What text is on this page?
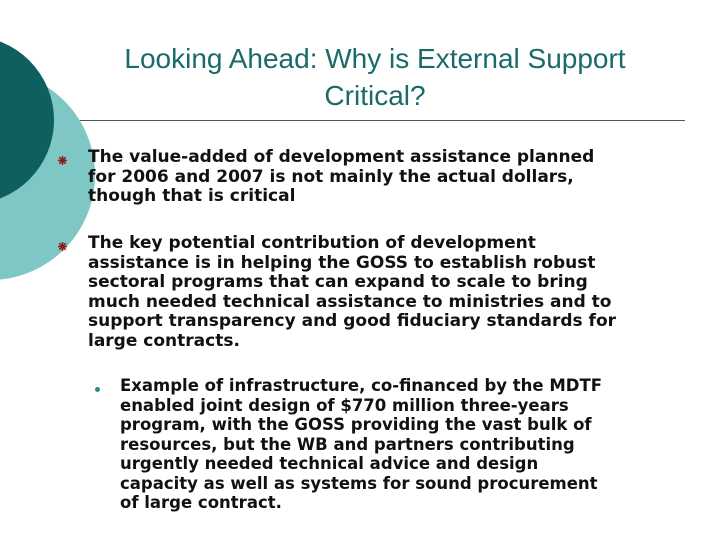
Looking Ahead: Why is External Support
Critical?
The value-added of development assistance planned
for 2006 and 2007 is not mainly the actual dollars,
though that is critical
The key potential contribution of development
assistance is in helping the GOSS to establish robust
sectoral programs that can expand to scale to bring
much needed technical assistance to ministries and to
support transparency and good fiduciary standards for
large contracts.
Example of infrastructure, co-financed by the MDTF
enabled joint design of $770 million three-years
program, with the GOSS providing the vast bulk of
resources, but the WB and partners contributing
urgently needed technical advice and design
capacity as well as systems for sound procurement
of large contract.
